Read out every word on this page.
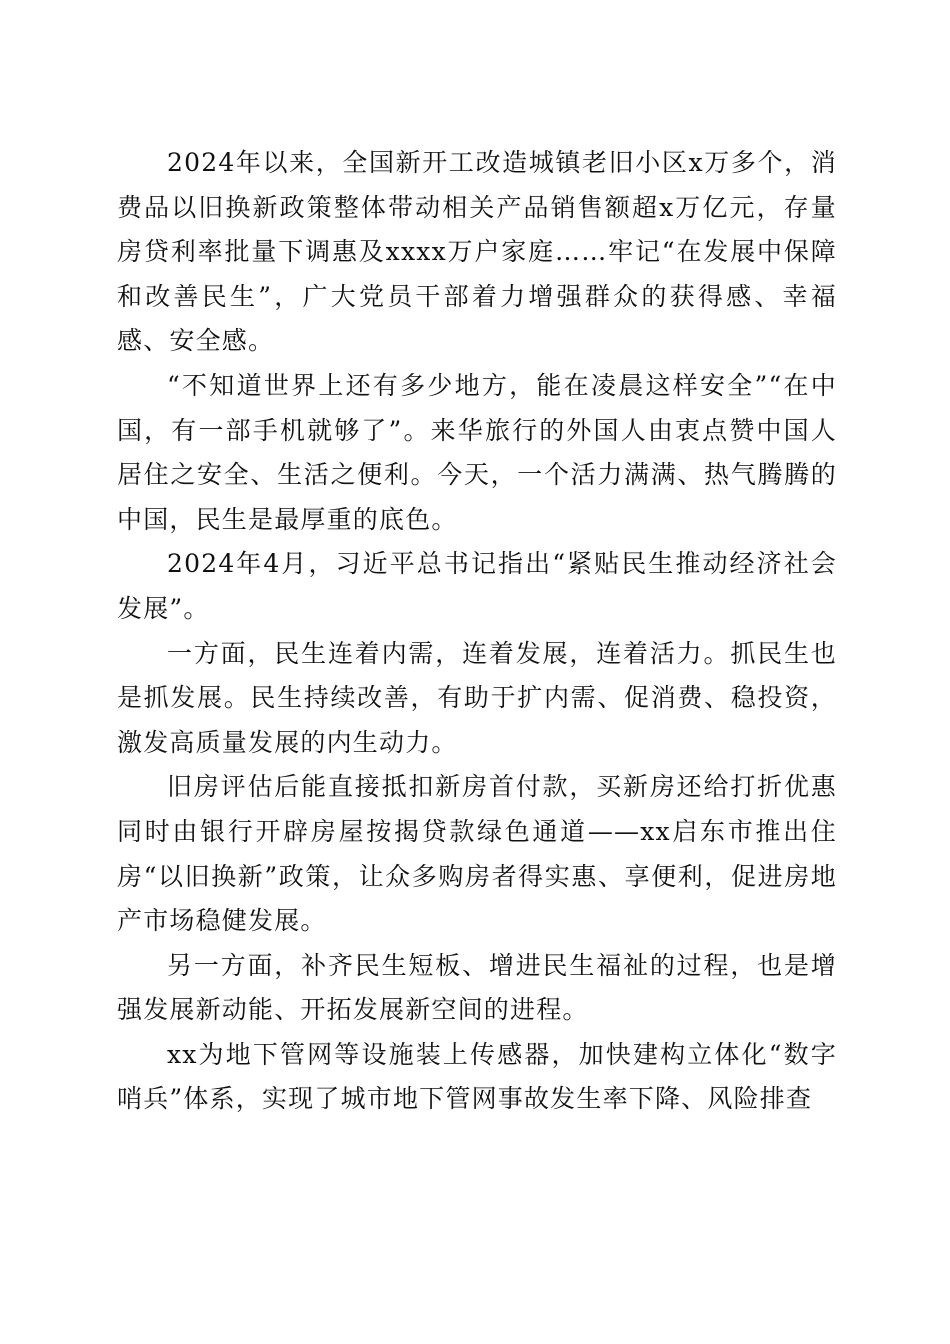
2024年以来，全国新开工改造城镇老旧小区x万多个，消费品以旧换新政策整体带动相关产品销售额超x万亿元，存量房贷利率批量下调惠及xxxx万户家庭……牢记“在发展中保障和改善民生”，广大党员干部着力增强群众的获得感、幸福感、安全感。

“不知道世界上还有多少地方，能在凌晨这样安全”“在中国，有一部手机就够了”。来华旅行的外国人由衷点赞中国人居住之安全、生活之便利。今天，一个活力满满、热气腾腾的中国，民生是最厚重的底色。

2024年4月，习近平总书记指出“紧贴民生推动经济社会发展”。

一方面，民生连着内需，连着发展，连着活力。抓民生也是抓发展。民生持续改善，有助于扩内需、促消费、稳投资，激发高质量发展的内生动力。

旧房评估后能直接抵扣新房首付款，买新房还给打折优惠同时由银行开辟房屋按揭贷款绿色通道——xx启东市推出住房“以旧换新”政策，让众多购房者得实惠、享便利，促进房地产市场稳健发展。

另一方面，补齐民生短板、增进民生福祉的过程，也是增强发展新动能、开拓发展新空间的进程。

xx为地下管网等设施装上传感器，加快建构立体化“数字哨兵”体系，实现了城市地下管网事故发生率下降、风险排查
